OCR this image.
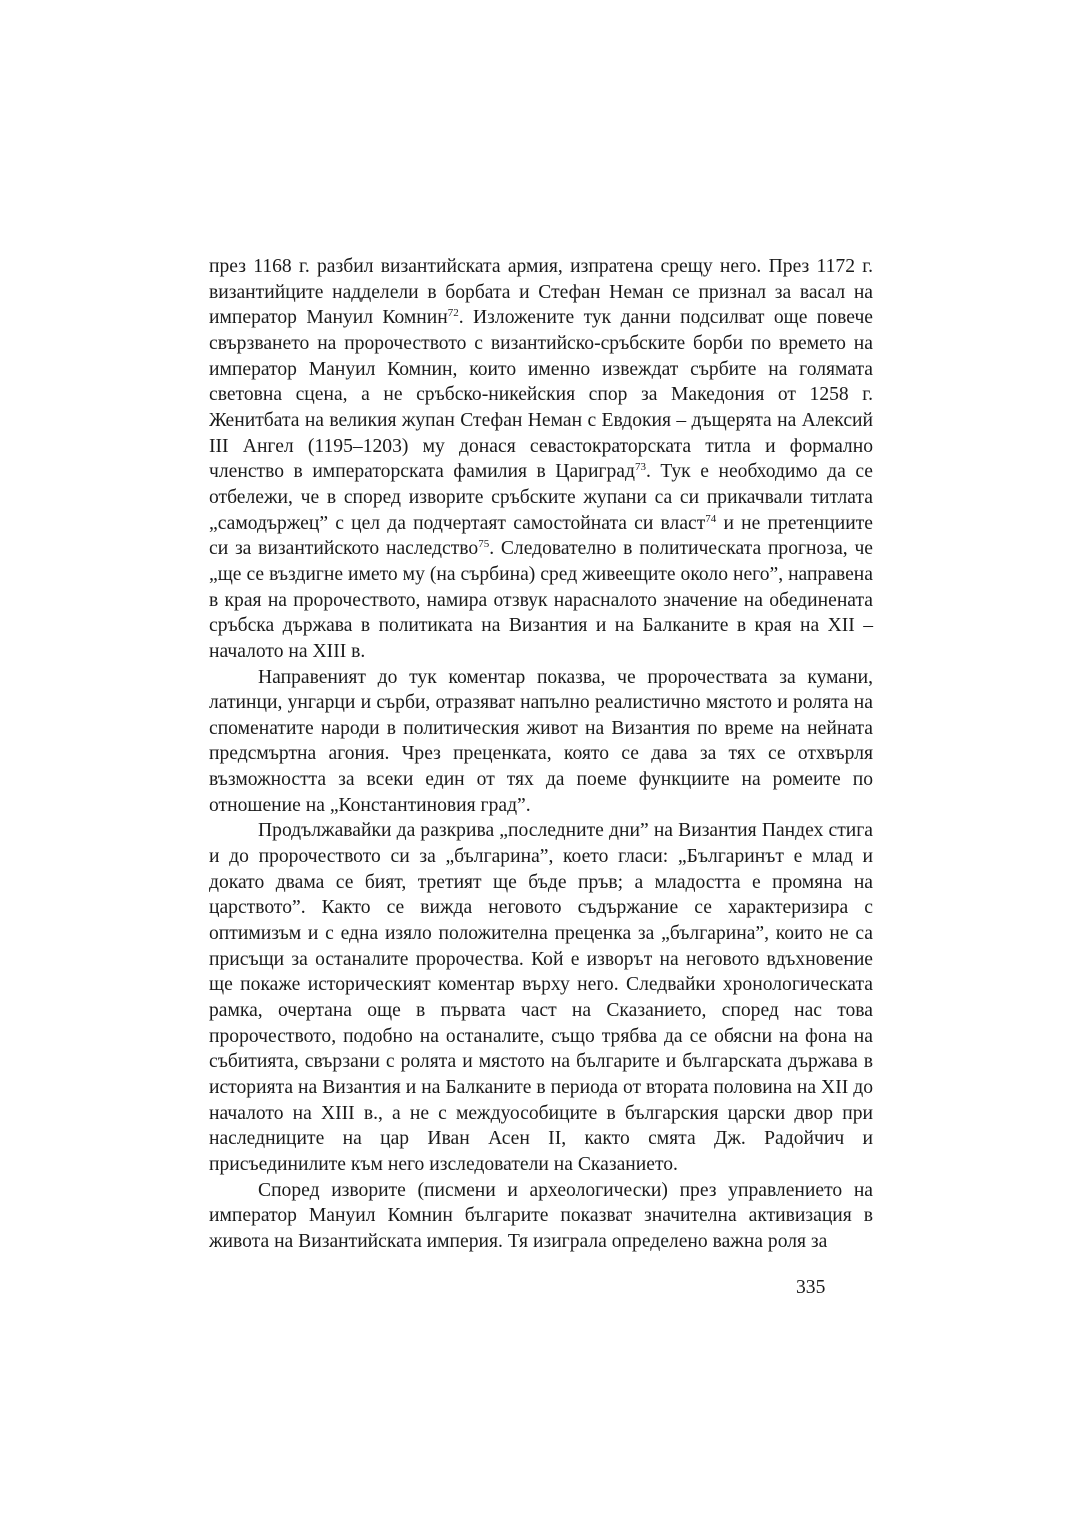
през 1168 г. разбил византийската армия, изпратена срещу него. През 1172 г. византийците надделели в борбата и Стефан Неман се признал за васал на император Мануил Комнин$^{72}$. Изложените тук данни подсилват още повече свързването на пророчеството с византийско-сръбските борби по времето на император Мануил Комнин, които именно извеждат сърбите на голямата световна сцена, а не сръбско-никейския спор за Македония от 1258 г. Женитбата на великия жупан Стефан Неман с Евдокия – дъщерята на Алексий III Ангел (1195–1203) му донася севастократорската титла и формално членство в императорската фамилия в Цариград$^{73}$. Тук е необходимо да се отбележи, че в според изворите сръбските жупани са си прикачвали титлата „самодържец” с цел да подчертаят самостойната си власт$^{74}$ и не претенциите си за византийското наследство$^{75}$. Следователно в политическата прогноза, че „ще се въздигне името му (на сърбина) сред живеещите около него”, направена в края на пророчеството, намира отзвук нарасналото значение на обединената сръбска държава в политиката на Византия и на Балканите в края на XII – началото на XIII в.

Направеният до тук коментар показва, че пророчествата за кумани, латинци, унгарци и сърби, отразяват напълно реалистично мястото и ролята на споменатите народи в политическия живот на Византия по време на нейната предсмъртна агония. Чрез преценката, която се дава за тях се отхвърля възможността за всеки един от тях да поеме функциите на ромеите по отношение на „Константиновия град”.

Продължавайки да разкрива „последните дни” на Византия Пандех стига и до пророчеството си за „българина”, което гласи: „Българинът е млад и докато двама се бият, третият ще бъде пръв; а младостта е промяна на царството”. Както се вижда неговото съдържание се характеризира с оптимизъм и с една изяло положителна преценка за „българина”, които не са присъщи за останалите пророчества. Кой е изворът на неговото вдъхновение ще покаже историческият коментар върху него. Следвайки хронологическата рамка, очертана още в първата част на Сказанието, според нас това пророчеството, подобно на останалите, също трябва да се обясни на фона на събитията, свързани с ролята и мястото на българите и българската държава в историята на Византия и на Балканите в периода от втората половина на XII до началото на XIII в., а не с междуособиците в българския царски двор при наследниците на цар Иван Асен II, както смята Дж. Радойчич и присъединилите към него изследователи на Сказанието.

Според изворите (писмени и археологически) през управлението на император Мануил Комнин българите показват значителна активизация в живота на Византийската империя. Тя изиграла определено важна роля за

335
